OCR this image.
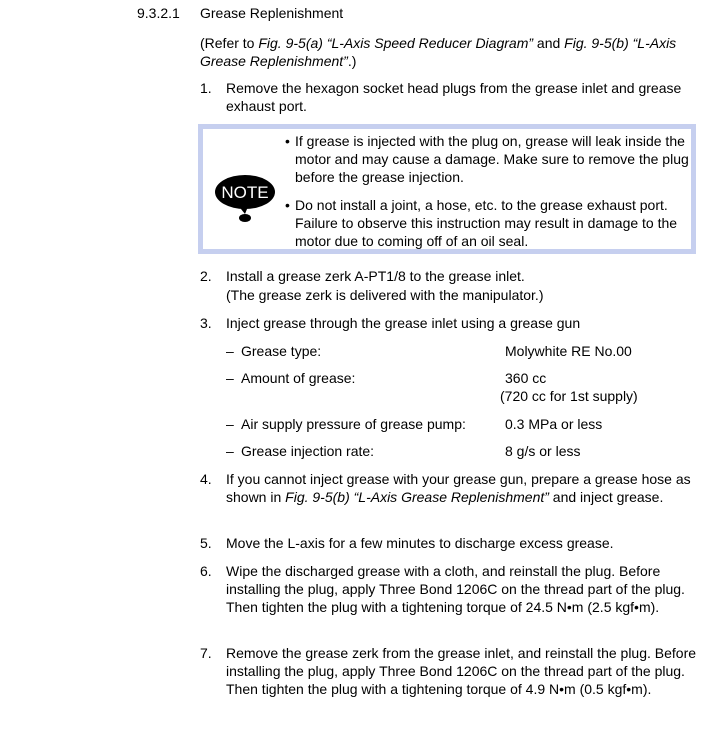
9.3.2.1 Grease Replenishment
(Refer to Fig. 9-5(a) “L-Axis Speed Reducer Diagram” and Fig. 9-5(b) “L-Axis Grease Replenishment”.)
1.	Remove the hexagon socket head plugs from the grease inlet and grease exhaust port.
NOTE
• If grease is injected with the plug on, grease will leak inside the motor and may cause a damage. Make sure to remove the plug before the grease injection.
• Do not install a joint, a hose, etc. to the grease exhaust port. Failure to observe this instruction may result in damage to the motor due to coming off of an oil seal.
2.	Install a grease zerk A-PT1/8 to the grease inlet.
(The grease zerk is delivered with the manipulator.)
3.	Inject grease through the grease inlet using a grease gun
– Grease type:	Molywhite RE No.00
– Amount of grease:	360 cc
(720 cc for 1st supply)
– Air supply pressure of grease pump:	0.3 MPa or less
– Grease injection rate:	8 g/s or less
4.	If you cannot inject grease with your grease gun, prepare a grease hose as shown in Fig. 9-5(b) “L-Axis Grease Replenishment” and inject grease.
5.	Move the L-axis for a few minutes to discharge excess grease.
6.	Wipe the discharged grease with a cloth, and reinstall the plug. Before installing the plug, apply Three Bond 1206C on the thread part of the plug. Then tighten the plug with a tightening torque of 24.5 N•m (2.5 kgf•m).
7.	Remove the grease zerk from the grease inlet, and reinstall the plug. Before installing the plug, apply Three Bond 1206C on the thread part of the plug. Then tighten the plug with a tightening torque of 4.9 N•m (0.5 kgf•m).
